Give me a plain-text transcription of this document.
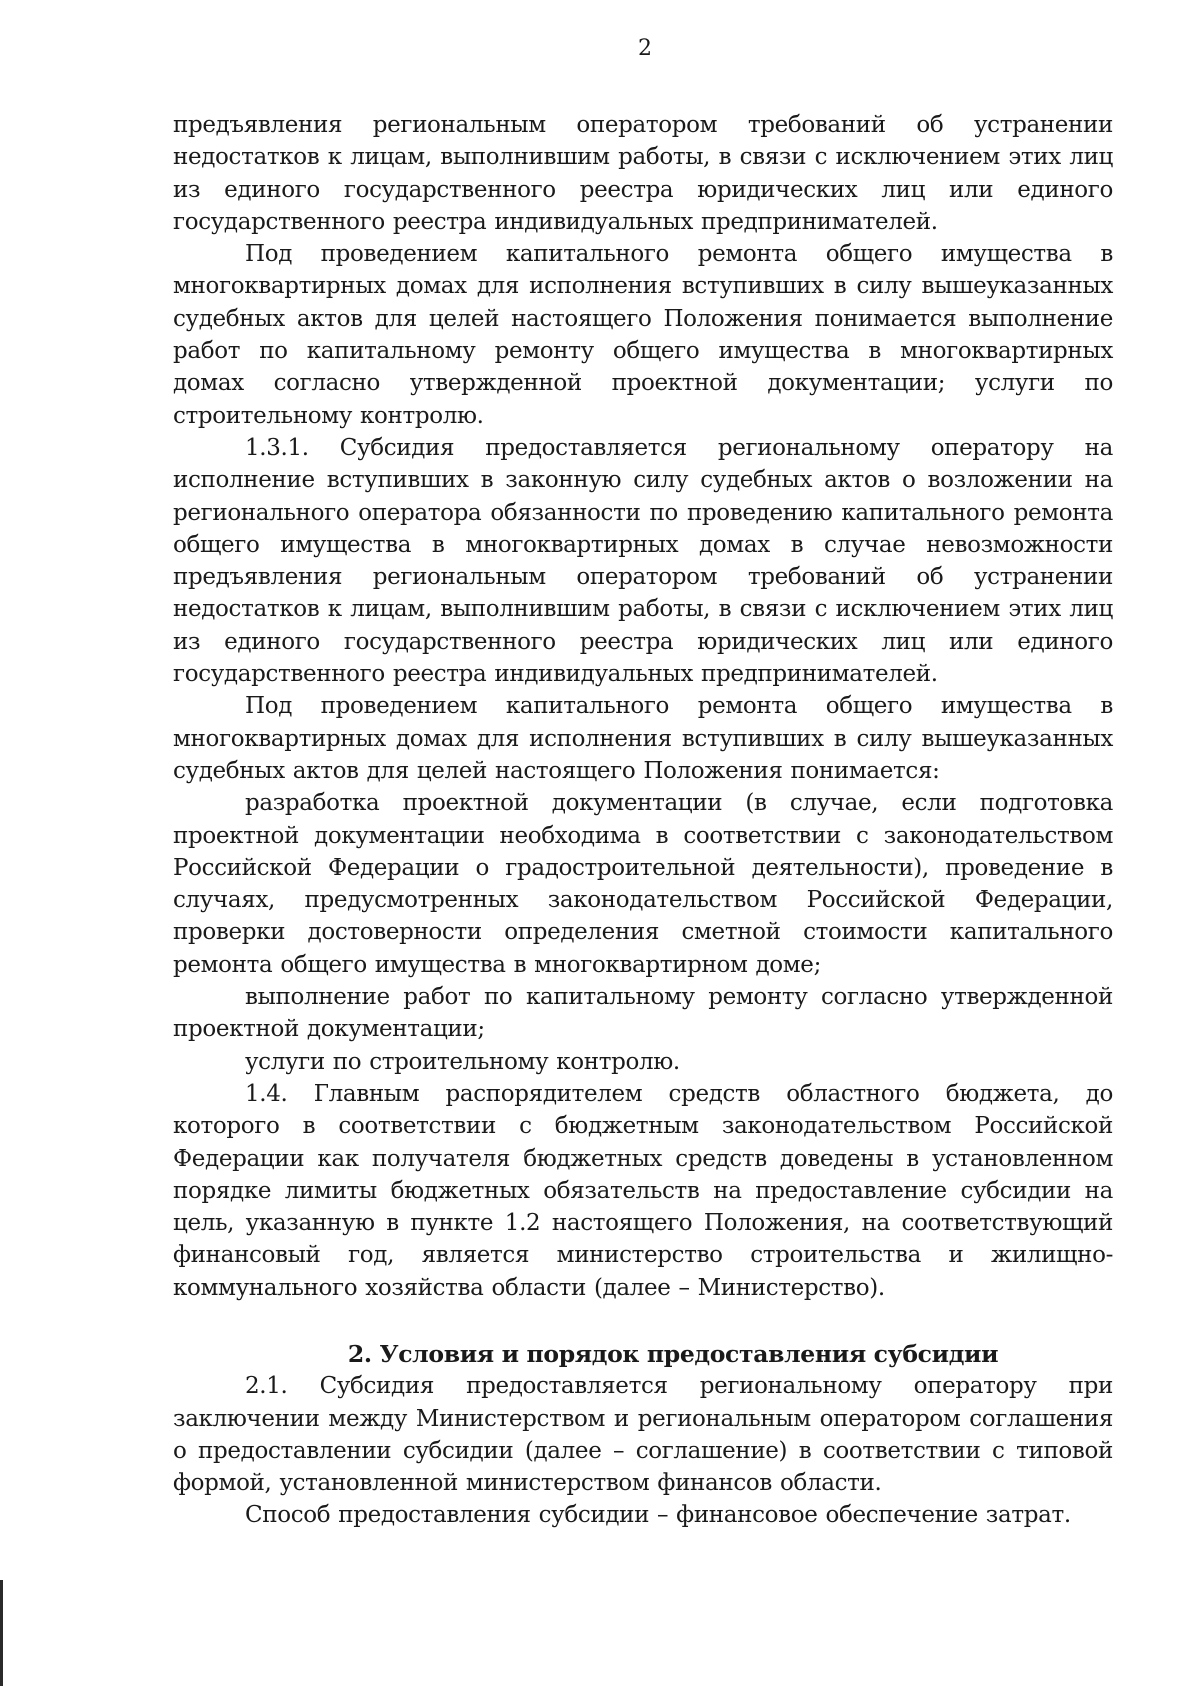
2

предъявления региональным оператором требований об устранении недостатков к лицам, выполнившим работы, в связи с исключением этих лиц из единого государственного реестра юридических лиц или единого государственного реестра индивидуальных предпринимателей.

Под проведением капитального ремонта общего имущества в многоквартирных домах для исполнения вступивших в силу вышеуказанных судебных актов для целей настоящего Положения понимается выполнение работ по капитальному ремонту общего имущества в многоквартирных домах согласно утвержденной проектной документации; услуги по строительному контролю.

1.3.1. Субсидия предоставляется региональному оператору на исполнение вступивших в законную силу судебных актов о возложении на регионального оператора обязанности по проведению капитального ремонта общего имущества в многоквартирных домах в случае невозможности предъявления региональным оператором требований об устранении недостатков к лицам, выполнившим работы, в связи с исключением этих лиц из единого государственного реестра юридических лиц или единого государственного реестра индивидуальных предпринимателей.

Под проведением капитального ремонта общего имущества в многоквартирных домах для исполнения вступивших в силу вышеуказанных судебных актов для целей настоящего Положения понимается:

разработка проектной документации (в случае, если подготовка проектной документации необходима в соответствии с законодательством Российской Федерации о градостроительной деятельности), проведение в случаях, предусмотренных законодательством Российской Федерации, проверки достоверности определения сметной стоимости капитального ремонта общего имущества в многоквартирном доме;

выполнение работ по капитальному ремонту согласно утвержденной проектной документации;

услуги по строительному контролю.

1.4. Главным распорядителем средств областного бюджета, до которого в соответствии с бюджетным законодательством Российской Федерации как получателя бюджетных средств доведены в установленном порядке лимиты бюджетных обязательств на предоставление субсидии на цель, указанную в пункте 1.2 настоящего Положения, на соответствующий финансовый год, является министерство строительства и жилищно-коммунального хозяйства области (далее – Министерство).

2. Условия и порядок предоставления субсидии

2.1. Субсидия предоставляется региональному оператору при заключении между Министерством и региональным оператором соглашения о предоставлении субсидии (далее – соглашение) в соответствии с типовой формой, установленной министерством финансов области.

Способ предоставления субсидии – финансовое обеспечение затрат.
